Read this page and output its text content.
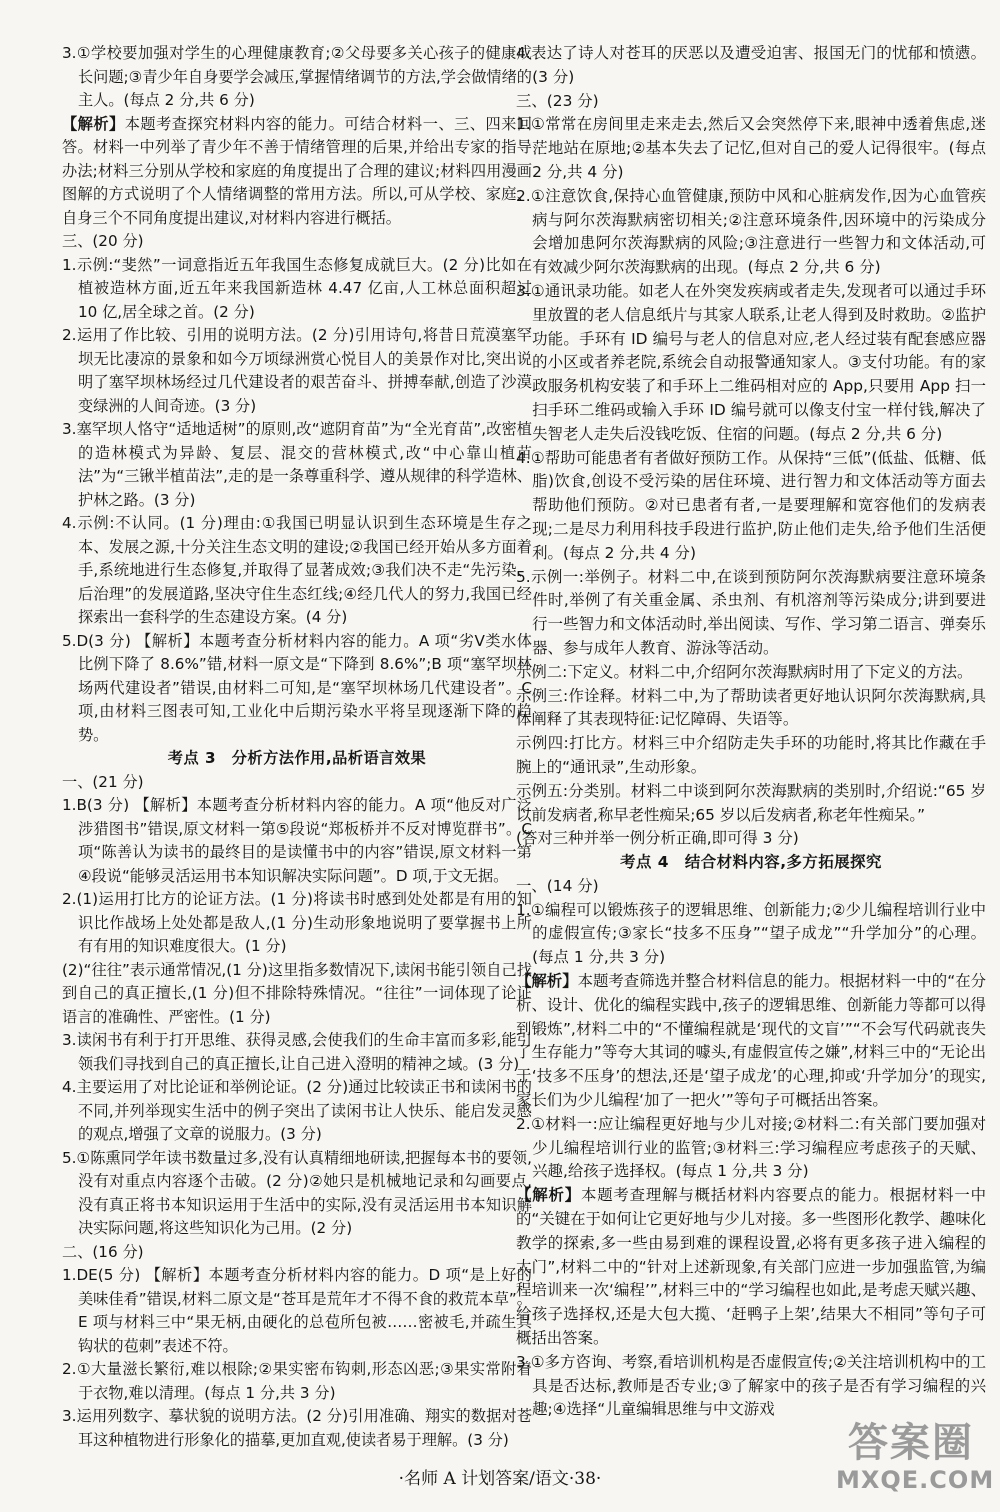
3.①学校要加强对学生的心理健康教育;②父母要多关心孩子的健康成长问题;③青少年自身要学会减压,掌握情绪调节的方法,学会做情绪的主人。(每点 2 分,共 6 分)

【解析】本题考查探究材料内容的能力。可结合材料一、三、四来回答。材料一中列举了青少年不善于情绪管理的后果,并给出专家的指导办法;材料三分别从学校和家庭的角度提出了合理的建议;材料四用漫画图解的方式说明了个人情绪调整的常用方法。所以,可从学校、家庭、自身三个不同角度提出建议,对材料内容进行概括。

三、(20 分)

1.示例:“斐然”一词意指近五年我国生态修复成就巨大。(2 分)比如在植被造林方面,近五年来我国新造林 4.47 亿亩,人工林总面积超过 10 亿,居全球之首。(2 分)

2.运用了作比较、引用的说明方法。(2 分)引用诗句,将昔日荒漠塞罕坝无比凄凉的景象和如今万顷绿洲赏心悦目人的美景作对比,突出说明了塞罕坝林场经过几代建设者的艰苦奋斗、拼搏奉献,创造了沙漠变绿洲的人间奇迹。(3 分)

3.塞罕坝人恪守“适地适树”的原则,改“遮阴育苗”为“全光育苗”,改密植的造林模式为异龄、复层、混交的营林模式,改“中心靠山植苗法”为“三锹半植苗法”,走的是一条尊重科学、遵从规律的科学造林、护林之路。(3 分)

4.示例:不认同。(1 分)理由:①我国已明显认识到生态环境是生存之本、发展之源,十分关注生态文明的建设;②我国已经开始从多方面着手,系统地进行生态修复,并取得了显著成效;③我们决不走“先污染、后治理”的发展道路,坚决守住生态红线;④经几代人的努力,我国已经探索出一套科学的生态建设方案。(4 分)

5.D(3 分) 【解析】本题考查分析材料内容的能力。A 项“劣Ⅴ类水体比例下降了 8.6%”错,材料一原文是“下降到 8.6%”;B 项“塞罕坝林场两代建设者”错误,由材料二可知,是“塞罕坝林场几代建设者”。C 项,由材料三图表可知,工业化中后期污染水平将呈现逐渐下降的趋势。

考点 3　分析方法作用,品析语言效果

一、(21 分)

1.B(3 分) 【解析】本题考查分析材料内容的能力。A 项“他反对广泛涉猎图书”错误,原文材料一第⑤段说“郑板桥并不反对博览群书”。C 项“陈善认为读书的最终目的是读懂书中的内容”错误,原文材料一第④段说“能够灵活运用书本知识解决实际问题”。D 项,于文无据。

2.(1)运用打比方的论证方法。(1 分)将读书时感到处处都是有用的知识比作战场上处处都是敌人,(1 分)生动形象地说明了要掌握书上所有有用的知识难度很大。(1 分)

(2)“往往”表示通常情况,(1 分)这里指多数情况下,读闲书能引领自己找到自己的真正擅长,(1 分)但不排除特殊情况。“往往”一词体现了论证语言的准确性、严密性。(1 分)

3.读闲书有利于打开思维、获得灵感,会使我们的生命丰富而多彩,能引领我们寻找到自己的真正擅长,让自己进入澄明的精神之域。(3 分)

4.主要运用了对比论证和举例论证。(2 分)通过比较读正书和读闲书的不同,并列举现实生活中的例子突出了读闲书让人快乐、能启发灵感的观点,增强了文章的说服力。(3 分)

5.①陈熏同学年读书数量过多,没有认真精细地研读,把握每本书的要领,没有对重点内容逐个击破。(2 分)②她只是机械地记录和勾画要点,没有真正将书本知识运用于生活中的实际,没有灵活运用书本知识解决实际问题,将这些知识化为己用。(2 分)

二、(16 分)

1.DE(5 分) 【解析】本题考查分析材料内容的能力。D 项“是上好的美味佳肴”错误,材料二原文是“苍耳是荒年才不得不食的救荒本草”。E 项与材料三中“果无柄,由硬化的总苞所包被……密被毛,并疏生具钩状的苞刺”表述不符。

2.①大量滋长繁衍,难以根除;②果实密布钩刺,形态凶恶;③果实常附着于衣物,难以清理。(每点 1 分,共 3 分)

3.运用列数字、摹状貌的说明方法。(2 分)引用准确、翔实的数据对苍耳这种植物进行形象化的描摹,更加直观,使读者易于理解。(3 分)

4.表达了诗人对苍耳的厌恶以及遭受迫害、报国无门的忧郁和愤懑。(3 分)

三、(23 分)

1.①常常在房间里走来走去,然后又会突然停下来,眼神中透着焦虑,迷茫地站在原地;②基本失去了记忆,但对自己的爱人记得很牢。(每点 2 分,共 4 分)

2.①注意饮食,保持心血管健康,预防中风和心脏病发作,因为心血管疾病与阿尔茨海默病密切相关;②注意环境条件,因环境中的污染成分会增加患阿尔茨海默病的风险;③注意进行一些智力和文体活动,可有效减少阿尔茨海默病的出现。(每点 2 分,共 6 分)

3.①通讯录功能。如老人在外突发疾病或者走失,发现者可以通过手环里放置的老人信息纸片与其家人联系,让老人得到及时救助。②监护功能。手环有 ID 编号与老人的信息对应,老人经过装有配套感应器的小区或者养老院,系统会自动报警通知家人。③支付功能。有的家政服务机构安装了和手环上二维码相对应的 App,只要用 App 扫一扫手环二维码或输入手环 ID 编号就可以像支付宝一样付钱,解决了失智老人走失后没钱吃饭、住宿的问题。(每点 2 分,共 6 分)

4.①帮助可能患者有者做好预防工作。从保持“三低”(低盐、低糖、低脂)饮食,创设不受污染的居住环境、进行智力和文体活动等方面去帮助他们预防。②对已患者有者,一是要理解和宽容他们的发病表现;二是尽力利用科技手段进行监护,防止他们走失,给予他们生活便利。(每点 2 分,共 4 分)

5.示例一:举例子。材料二中,在谈到预防阿尔茨海默病要注意环境条件时,举例了有关重金属、杀虫剂、有机溶剂等污染成分;讲到要进行一些智力和文体活动时,举出阅读、写作、学习第二语言、弹奏乐器、参与成年人教育、游泳等活动。

示例二:下定义。材料二中,介绍阿尔茨海默病时用了下定义的方法。

示例三:作诠释。材料二中,为了帮助读者更好地认识阿尔茨海默病,具体阐释了其表现特征:记忆障碍、失语等。

示例四:打比方。材料三中介绍防走失手环的功能时,将其比作藏在手腕上的“通讯录”,生动形象。

示例五:分类别。材料二中谈到阿尔茨海默病的类别时,介绍说:“65 岁以前发病者,称早老性痴呆;65 岁以后发病者,称老年性痴呆。”

(答对三种并举一例分析正确,即可得 3 分)

考点 4　结合材料内容,多方拓展探究

一、(14 分)

1.①编程可以锻炼孩子的逻辑思维、创新能力;②少儿编程培训行业中的虚假宣传;③家长“技多不压身”“望子成龙”“升学加分”的心理。(每点 1 分,共 3 分)

【解析】本题考查筛选并整合材料信息的能力。根据材料一中的“在分析、设计、优化的编程实践中,孩子的逻辑思维、创新能力等都可以得到锻炼”,材料二中的“不懂编程就是‘现代的文盲’”“不会写代码就丧失了生存能力”等夸大其词的噱头,有虚假宣传之嫌”,材料三中的“无论出于‘技多不压身’的想法,还是‘望子成龙’的心理,抑或‘升学加分’的现实,家长们为少儿编程‘加了一把火’”等句子可概括出答案。

2.①材料一:应让编程更好地与少儿对接;②材料二:有关部门要加强对少儿编程培训行业的监管;③材料三:学习编程应考虑孩子的天赋、兴趣,给孩子选择权。(每点 1 分,共 3 分)

【解析】本题考查理解与概括材料内容要点的能力。根据材料一中的“关键在于如何让它更好地与少儿对接。多一些图形化教学、趣味化教学的探索,多一些由易到难的课程设置,必将有更多孩子进入编程的大门”,材料二中的“针对上述新现象,有关部门应进一步加强监管,为编程培训来一次‘编程’”,材料三中的“学习编程也如此,是考虑天赋兴趣、给孩子选择权,还是大包大揽、‘赶鸭子上架’,结果大不相同”等句子可概括出答案。

3.①多方咨询、考察,看培训机构是否虚假宣传;②关注培训机构中的工具是否达标,教师是否专业;③了解家中的孩子是否有学习编程的兴趣;④选择“儿童编辑思维与中文游戏

·名师 A 计划答案/语文·38·
答案圈
MXQE.COM
